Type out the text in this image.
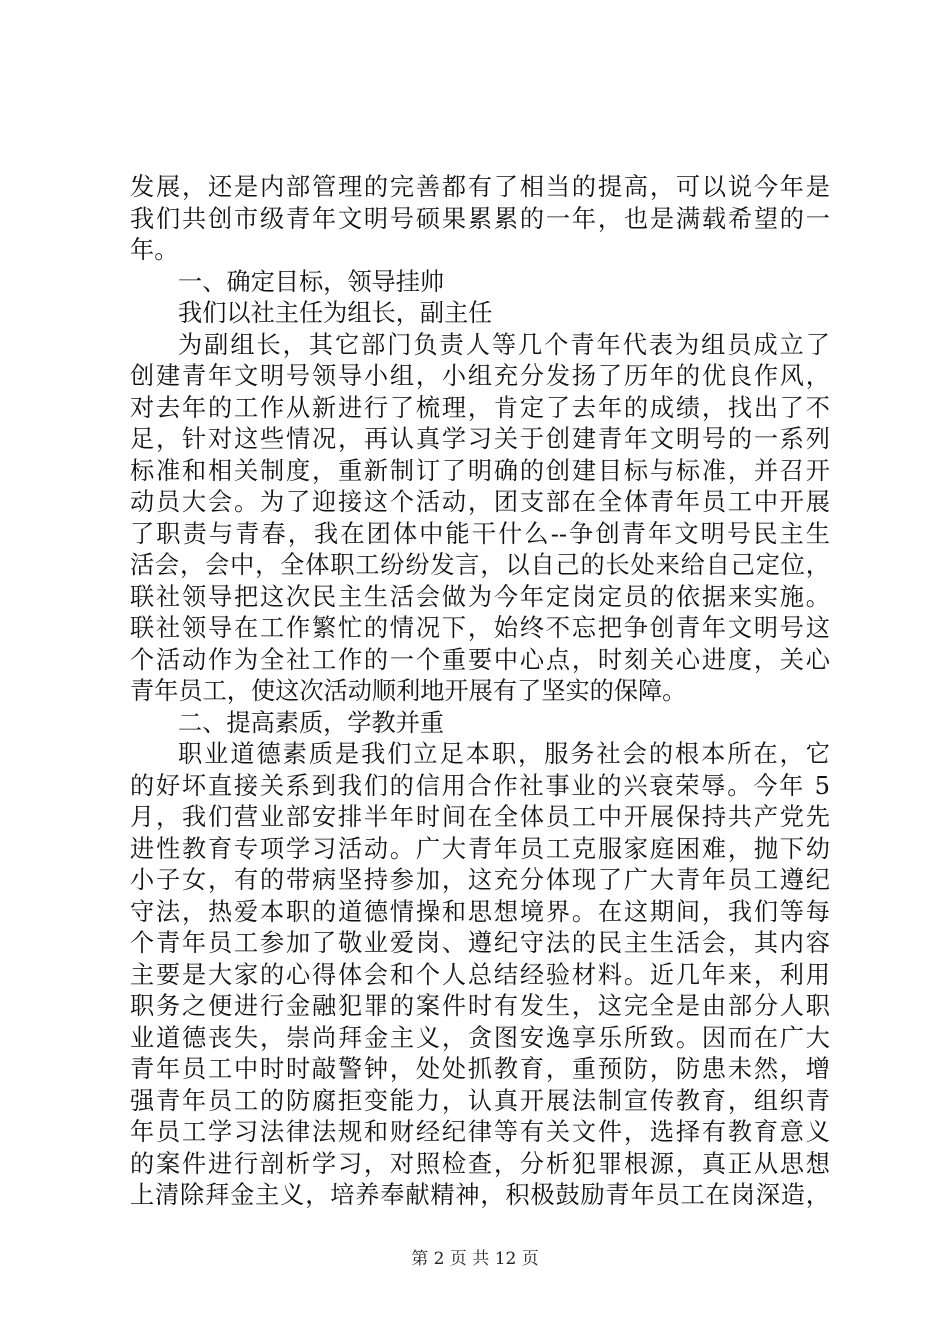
发展，还是内部管理的完善都有了相当的提高，可以说今年是
我们共创市级青年文明号硕果累累的一年，也是满载希望的一
年。
一、确定目标，领导挂帅
我们以社主任为组长，副主任
为副组长，其它部门负责人等几个青年代表为组员成立了
创建青年文明号领导小组，小组充分发扬了历年的优良作风，
对去年的工作从新进行了梳理，肯定了去年的成绩，找出了不
足，针对这些情况，再认真学习关于创建青年文明号的一系列
标准和相关制度，重新制订了明确的创建目标与标准，并召开
动员大会。为了迎接这个活动，团支部在全体青年员工中开展
了职责与青春，我在团体中能干什么--争创青年文明号民主生
活会，会中，全体职工纷纷发言，以自己的长处来给自己定位，
联社领导把这次民主生活会做为今年定岗定员的依据来实施。
联社领导在工作繁忙的情况下，始终不忘把争创青年文明号这
个活动作为全社工作的一个重要中心点，时刻关心进度，关心
青年员工，使这次活动顺利地开展有了坚实的保障。
二、提高素质，学教并重
职业道德素质是我们立足本职，服务社会的根本所在，它
的好坏直接关系到我们的信用合作社事业的兴衰荣辱。今年 5
月，我们营业部安排半年时间在全体员工中开展保持共产党先
进性教育专项学习活动。广大青年员工克服家庭困难，抛下幼
小子女，有的带病坚持参加，这充分体现了广大青年员工遵纪
守法，热爱本职的道德情操和思想境界。在这期间，我们等每
个青年员工参加了敬业爱岗、遵纪守法的民主生活会，其内容
主要是大家的心得体会和个人总结经验材料。近几年来，利用
职务之便进行金融犯罪的案件时有发生，这完全是由部分人职
业道德丧失，崇尚拜金主义，贪图安逸享乐所致。因而在广大
青年员工中时时敲警钟，处处抓教育，重预防，防患未然，增
强青年员工的防腐拒变能力，认真开展法制宣传教育，组织青
年员工学习法律法规和财经纪律等有关文件，选择有教育意义
的案件进行剖析学习，对照检查，分析犯罪根源，真正从思想
上清除拜金主义，培养奉献精神，积极鼓励青年员工在岗深造，
第 2 页 共 12 页
